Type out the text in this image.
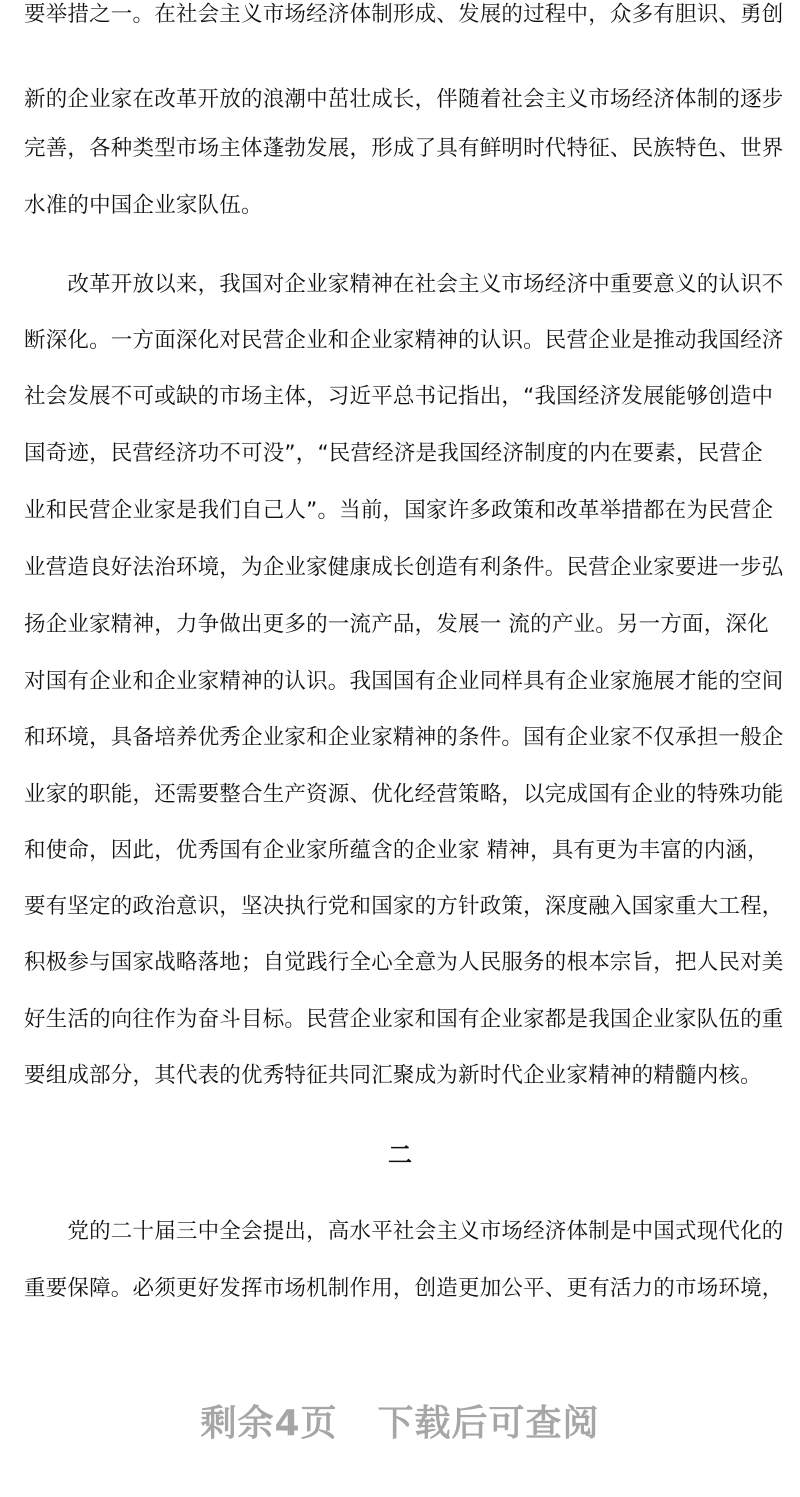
要举措之一。在社会主义市场经济体制形成、发展的过程中，众多有胆识、勇创
新的企业家在改革开放的浪潮中茁壮成长，伴随着社会主义市场经济体制的逐步
完善，各种类型市场主体蓬勃发展，形成了具有鲜明时代特征、民族特色、世界
水准的中国企业家队伍。
　　改革开放以来，我国对企业家精神在社会主义市场经济中重要意义的认识不
断深化。一方面深化对民营企业和企业家精神的认识。民营企业是推动我国经济
社会发展不可或缺的市场主体，习近平总书记指出，“我国经济发展能够创造中
国奇迹，民营经济功不可没”，“民营经济是我国经济制度的内在要素，民营企
业和民营企业家是我们自己人”。当前，国家许多政策和改革举措都在为民营企
业营造良好法治环境，为企业家健康成长创造有利条件。民营企业家要进一步弘
扬企业家精神，力争做出更多的一流产品，发展一 流的产业。另一方面，深化
对国有企业和企业家精神的认识。我国国有企业同样具有企业家施展才能的空间
和环境，具备培养优秀企业家和企业家精神的条件。国有企业家不仅承担一般企
业家的职能，还需要整合生产资源、优化经营策略，以完成国有企业的特殊功能
和使命，因此，优秀国有企业家所蕴含的企业家 精神，具有更为丰富的内涵，
要有坚定的政治意识，坚决执行党和国家的方针政策，深度融入国家重大工程，
积极参与国家战略落地；自觉践行全心全意为人民服务的根本宗旨，把人民对美
好生活的向往作为奋斗目标。民营企业家和国有企业家都是我国企业家队伍的重
要组成部分，其代表的优秀特征共同汇聚成为新时代企业家精神的精髓内核。
二
　　党的二十届三中全会提出，高水平社会主义市场经济体制是中国式现代化的
重要保障。必须更好发挥市场机制作用，创造更加公平、更有活力的市场环境，
剩余4页 下载后可查阅
